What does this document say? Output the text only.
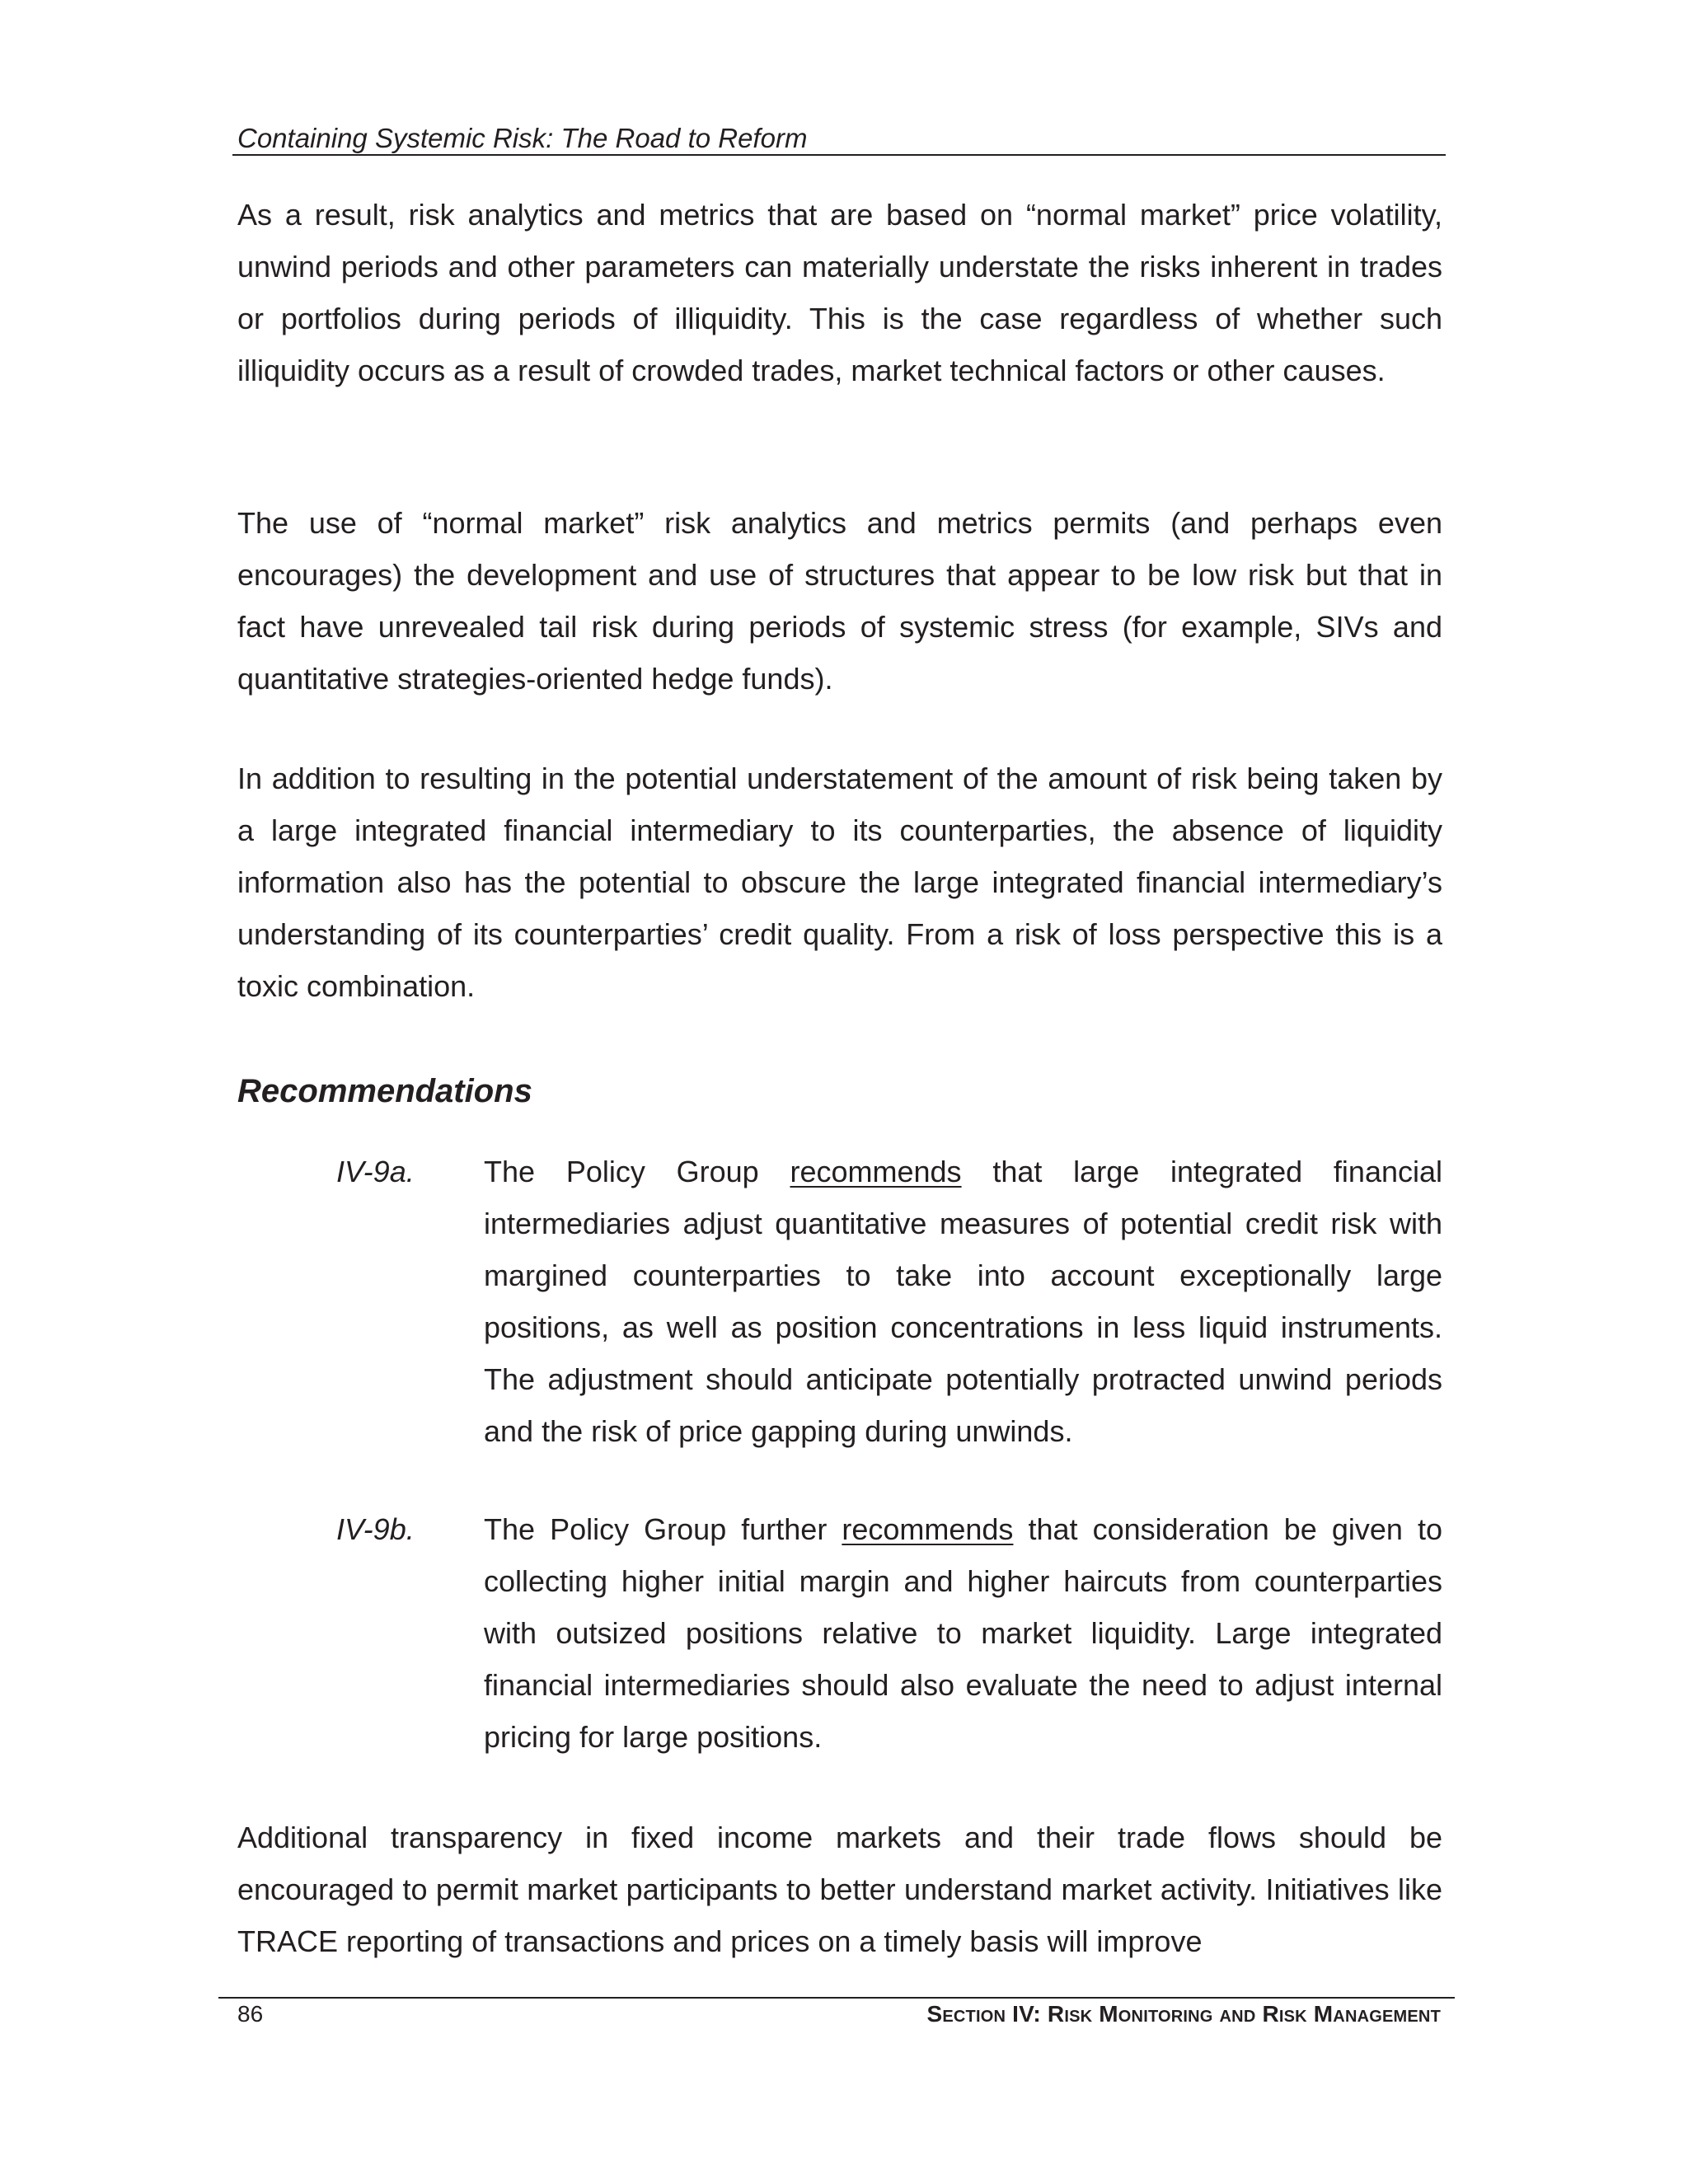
Containing Systemic Risk: The Road to Reform

As a result, risk analytics and metrics that are based on “normal market” price volatility, unwind periods and other parameters can materially understate the risks inherent in trades or portfolios during periods of illiquidity. This is the case regardless of whether such illiquidity occurs as a result of crowded trades, market technical factors or other causes.

The use of “normal market” risk analytics and metrics permits (and perhaps even encourages) the development and use of structures that appear to be low risk but that in fact have unrevealed tail risk during periods of systemic stress (for example, SIVs and quantitative strategies-oriented hedge funds).

In addition to resulting in the potential understatement of the amount of risk being taken by a large integrated financial intermediary to its counterparties, the absence of liquidity information also has the potential to obscure the large integrated financial intermediary’s understanding of its counterparties’ credit quality. From a risk of loss perspective this is a toxic combination.

Recommendations
IV-9a. The Policy Group recommends that large integrated financial intermediaries adjust quantitative measures of potential credit risk with margined counterparties to take into account exceptionally large positions, as well as position concentrations in less liquid instruments. The adjustment should anticipate potentially protracted unwind periods and the risk of price gapping during unwinds.

IV-9b. The Policy Group further recommends that consideration be given to collecting higher initial margin and higher haircuts from counterparties with outsized positions relative to market liquidity. Large integrated financial intermediaries should also evaluate the need to adjust internal pricing for large positions.

Additional transparency in fixed income markets and their trade flows should be encouraged to permit market participants to better understand market activity. Initiatives like TRACE reporting of transactions and prices on a timely basis will improve

86	Section IV: Risk Monitoring and Risk Management
